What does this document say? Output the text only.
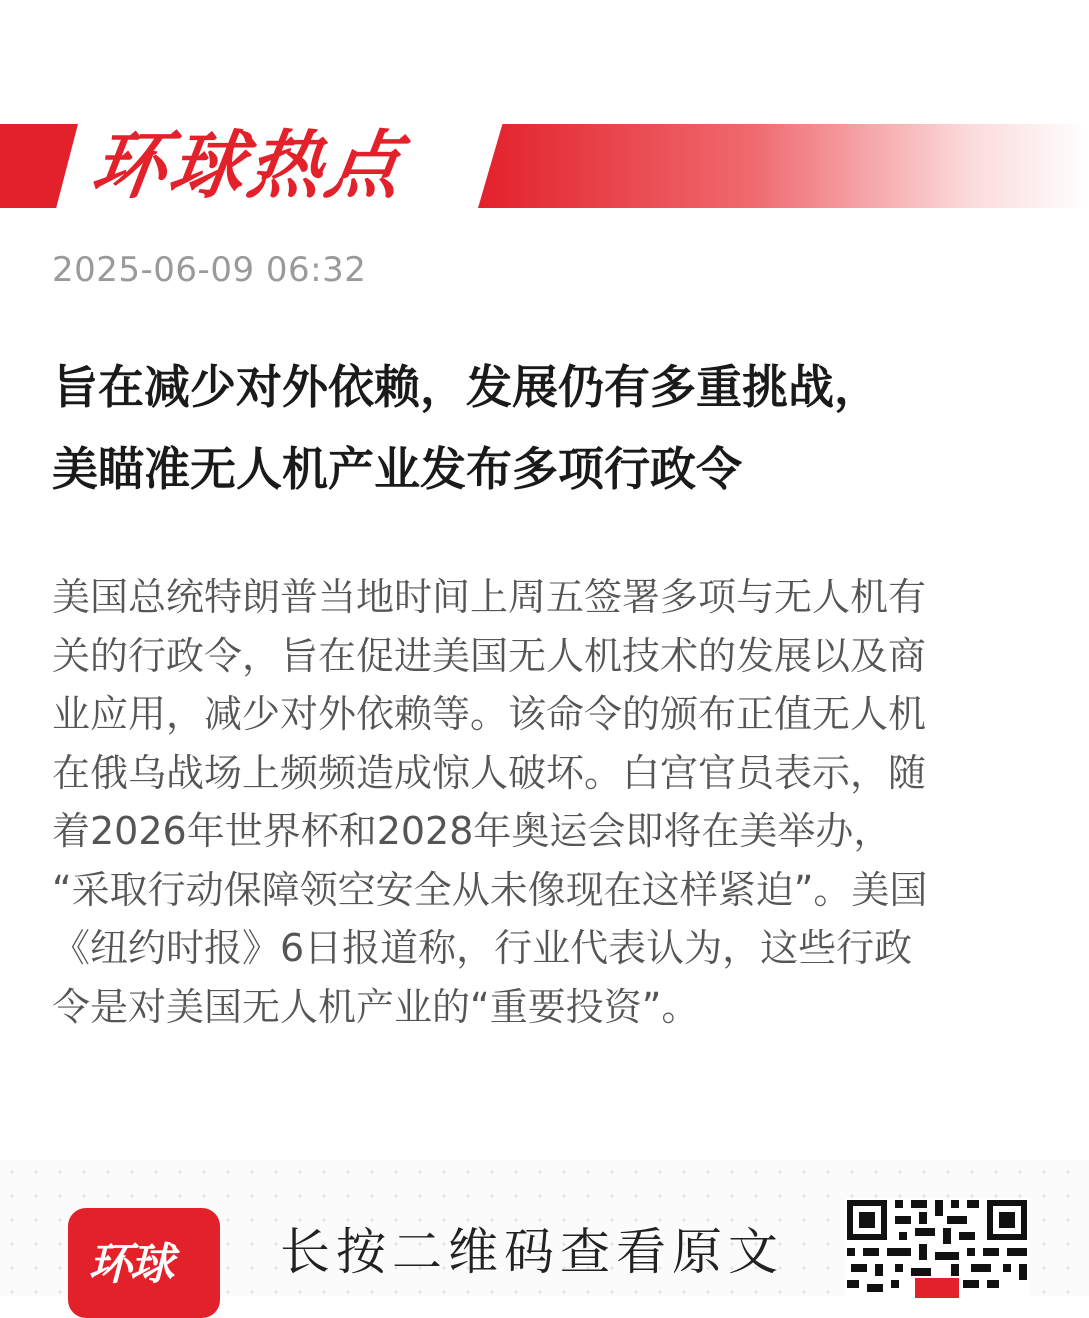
环球热点
2025-06-09 06:32
旨在减少对外依赖，发展仍有多重挑战，
美瞄准无人机产业发布多项行政令
美国总统特朗普当地时间上周五签署多项与无人机有
关的行政令，旨在促进美国无人机技术的发展以及商
业应用，减少对外依赖等。该命令的颁布正值无人机
在俄乌战场上频频造成惊人破坏。白宫官员表示，随
着2026年世界杯和2028年奥运会即将在美举办，
“采取行动保障领空安全从未像现在这样紧迫”。美国
《纽约时报》6日报道称，行业代表认为，这些行政
令是对美国无人机产业的“重要投资”。
环球 长按二维码查看原文
